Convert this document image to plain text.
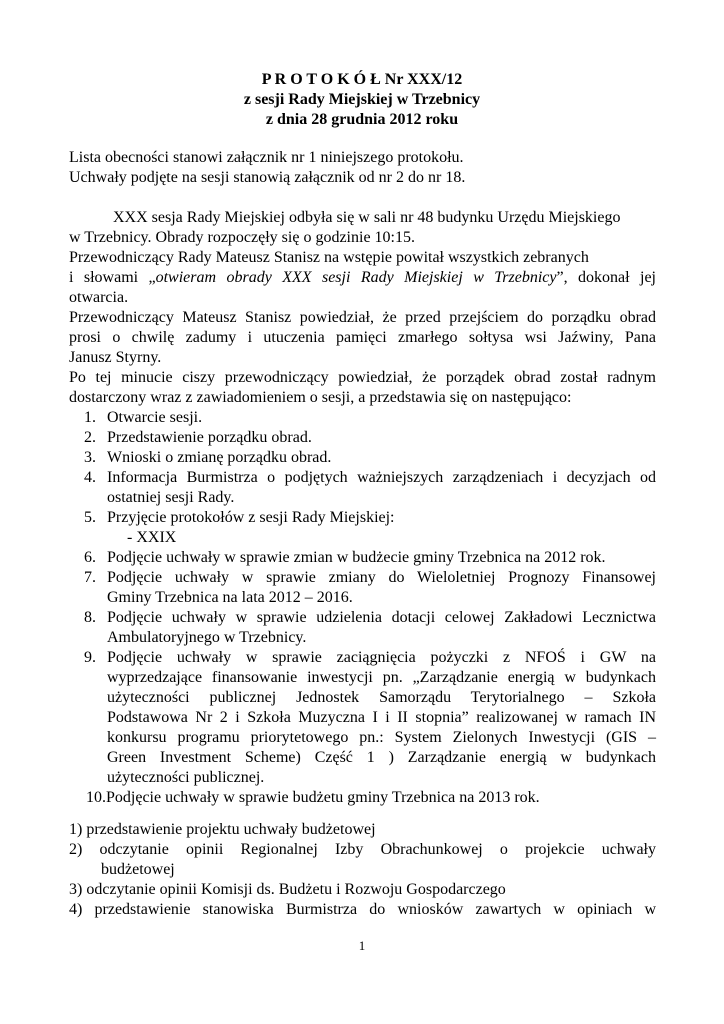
P R O T O K Ó Ł Nr XXX/12
z sesji Rady Miejskiej w Trzebnicy
z dnia 28 grudnia 2012 roku
Lista obecności stanowi załącznik nr 1 niniejszego protokołu.
Uchwały podjęte na sesji stanowią załącznik od nr 2 do nr 18.
XXX sesja Rady Miejskiej odbyła się w sali nr 48 budynku Urzędu Miejskiego
w Trzebnicy. Obrady rozpoczęły się o godzinie 10:15.
Przewodniczący Rady Mateusz Stanisz na wstępie powitał wszystkich zebranych
i słowami „otwieram obrady XXX sesji Rady Miejskiej w Trzebnicy”, dokonał jej
otwarcia.
Przewodniczący Mateusz Stanisz powiedział, że przed przejściem do porządku obrad
prosi o chwilę zadumy i utuczenia pamięci zmarłego sołtysa wsi Jaźwiny, Pana
Janusz Styrny.
Po tej minucie ciszy przewodniczący powiedział, że porządek obrad został radnym
dostarczony wraz z zawiadomieniem o sesji, a przedstawia się on następująco:
1. Otwarcie sesji.
2. Przedstawienie porządku obrad.
3. Wnioski o zmianę porządku obrad.
4. Informacja Burmistrza o podjętych ważniejszych zarządzeniach i decyzjach od
ostatniej sesji Rady.
5. Przyjęcie protokołów z sesji Rady Miejskiej:
- XXIX
6. Podjęcie uchwały w sprawie zmian w budżecie gminy Trzebnica na 2012 rok.
7. Podjęcie uchwały w sprawie zmiany do Wieloletniej Prognozy Finansowej
Gminy Trzebnica na lata 2012 – 2016.
8. Podjęcie uchwały w sprawie udzielenia dotacji celowej Zakładowi Lecznictwa
Ambulatoryjnego w Trzebnicy.
9. Podjęcie uchwały w sprawie zaciągnięcia pożyczki z NFOŚ i GW na
wyprzedzające finansowanie inwestycji pn. „Zarządzanie energią w budynkach
użyteczności publicznej Jednostek Samorządu Terytorialnego – Szkoła
Podstawowa Nr 2 i Szkoła Muzyczna I i II stopnia” realizowanej w ramach IN
konkursu programu priorytetowego pn.: System Zielonych Inwestycji (GIS –
Green Investment Scheme) Część 1 ) Zarządzanie energią w budynkach
użyteczności publicznej.
10.Podjęcie uchwały w sprawie budżetu gminy Trzebnica na 2013 rok.
1) przedstawienie projektu uchwały budżetowej
2) odczytanie opinii Regionalnej Izby Obrachunkowej o projekcie uchwały
budżetowej
3) odczytanie opinii Komisji ds. Budżetu i Rozwoju Gospodarczego
4) przedstawienie stanowiska Burmistrza do wniosków zawartych w opiniach w
1
